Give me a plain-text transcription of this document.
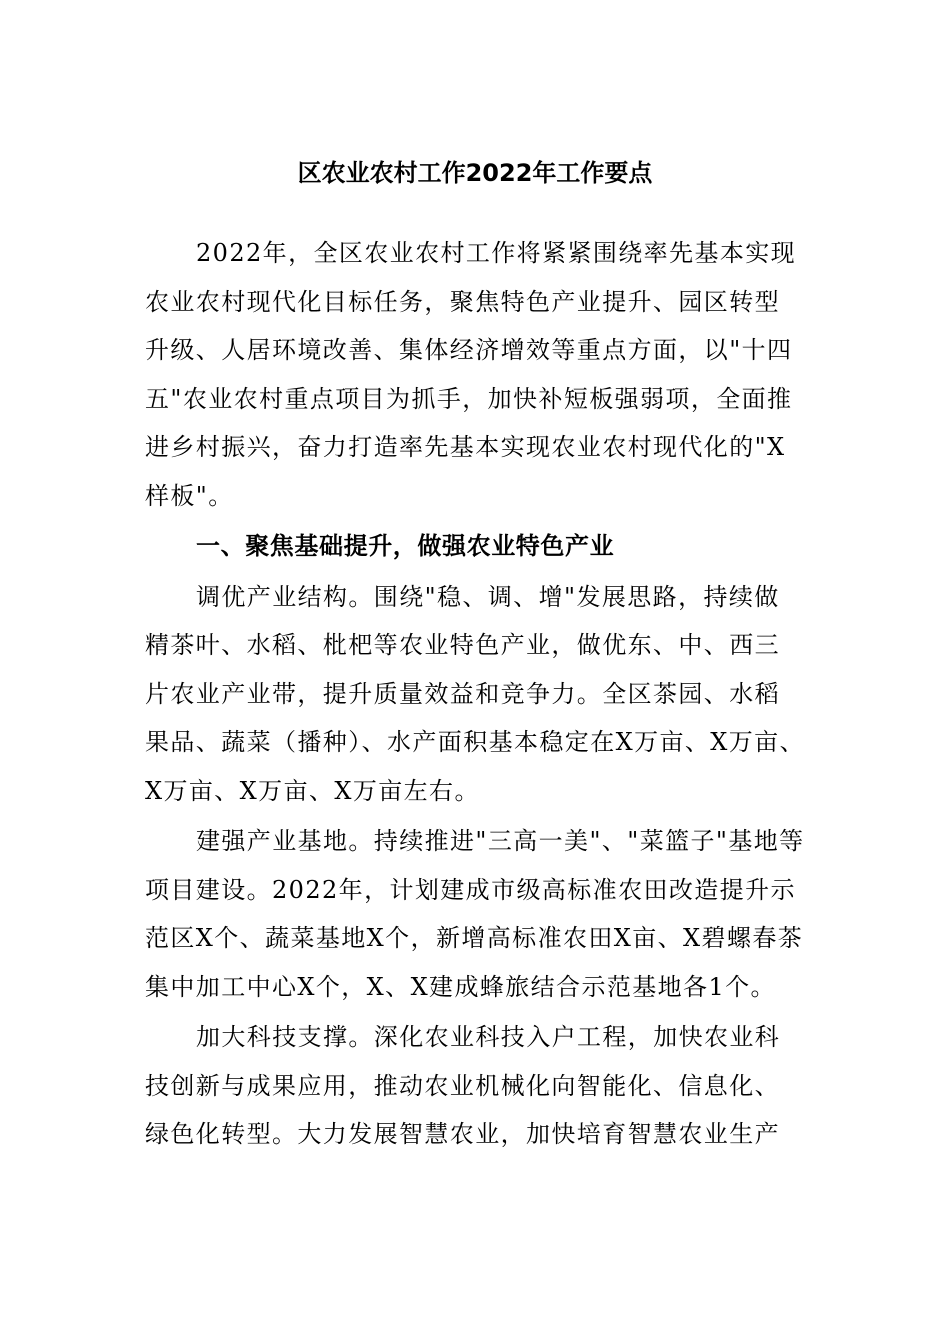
区农业农村工作2022年工作要点

2022年，全区农业农村工作将紧紧围绕率先基本实现农业农村现代化目标任务，聚焦特色产业提升、园区转型升级、人居环境改善、集体经济增效等重点方面，以"十四五"农业农村重点项目为抓手，加快补短板强弱项，全面推进乡村振兴，奋力打造率先基本实现农业农村现代化的"X样板"。

一、聚焦基础提升，做强农业特色产业

调优产业结构。围绕"稳、调、增"发展思路，持续做精茶叶、水稻、枇杷等农业特色产业，做优东、中、西三片农业产业带，提升质量效益和竞争力。全区茶园、水稻果品、蔬菜（播种）、水产面积基本稳定在X万亩、X万亩、X万亩、X万亩、X万亩左右。

建强产业基地。持续推进"三高一美"、"菜篮子"基地等项目建设。2022年，计划建成市级高标准农田改造提升示范区X个、蔬菜基地X个，新增高标准农田X亩、X碧螺春茶集中加工中心X个，X、X建成蜂旅结合示范基地各1个。

加大科技支撑。深化农业科技入户工程，加快农业科技创新与成果应用，推动农业机械化向智能化、信息化、绿色化转型。大力发展智慧农业，加快培育智慧农业生产
